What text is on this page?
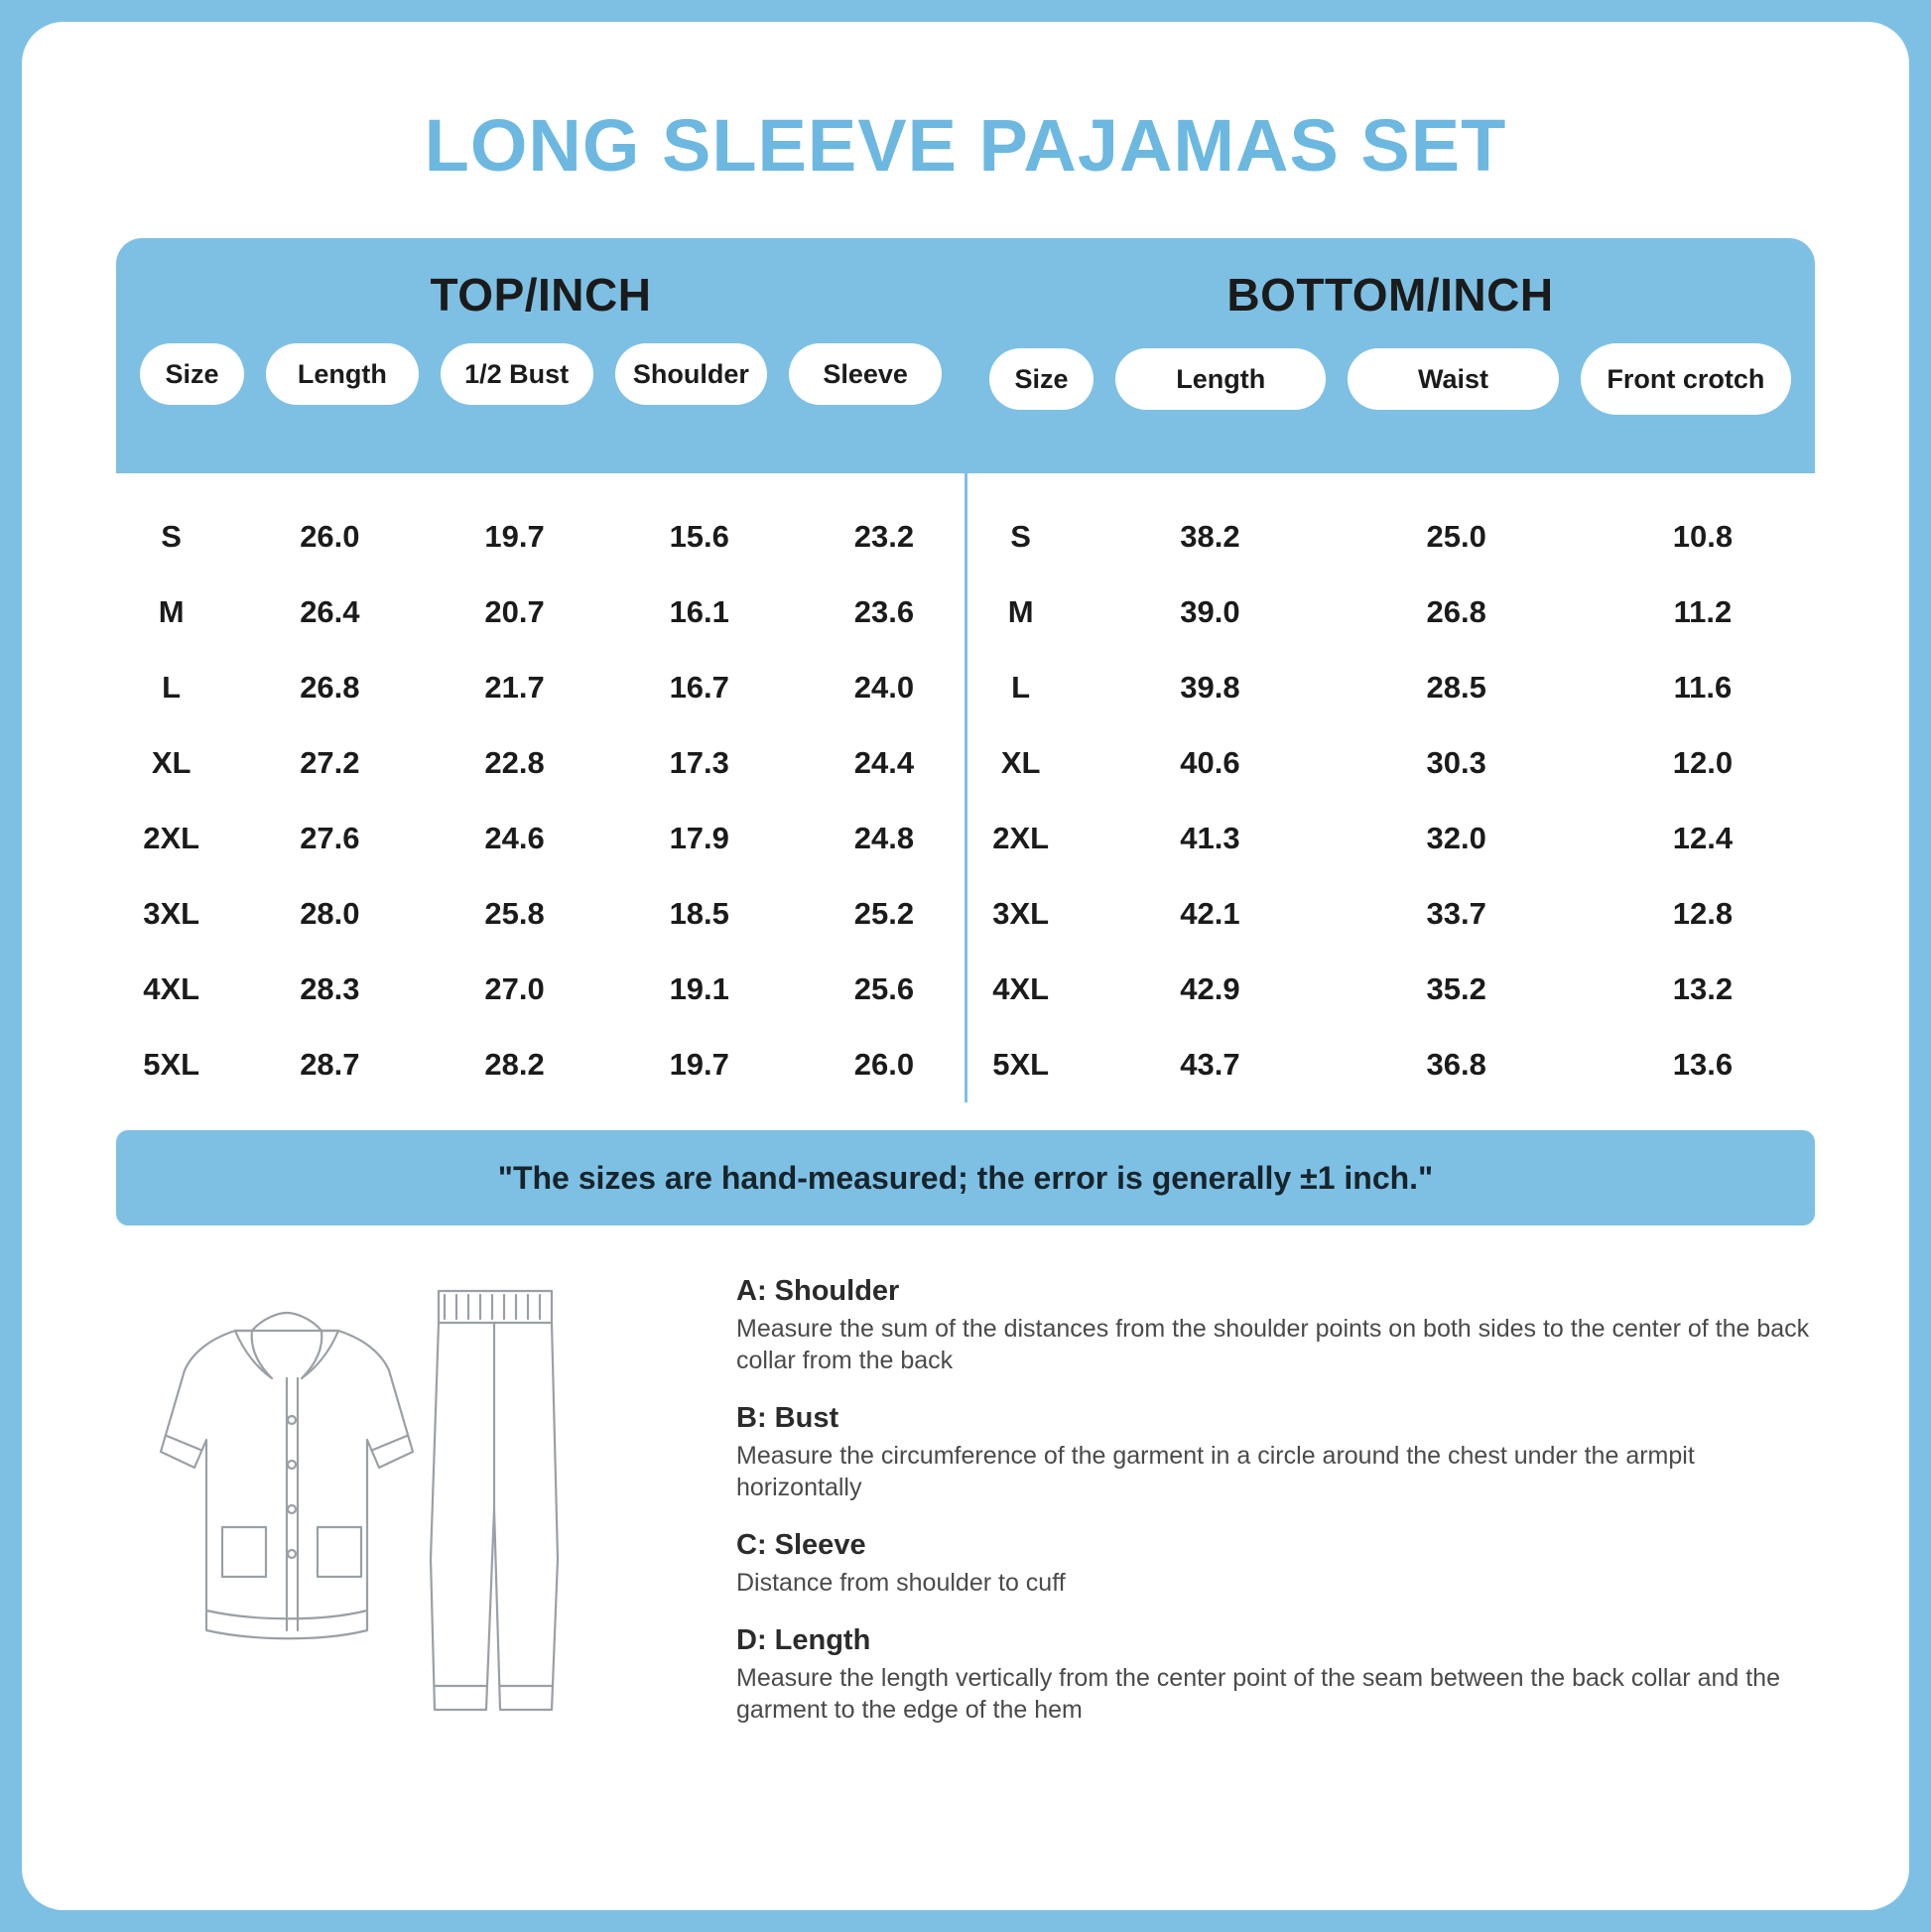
LONG SLEEVE PAJAMAS SET
TOP/INCH
Size	Length	1/2 Bust	Shoulder	Sleeve
S	26.0	19.7	15.6	23.2
M	26.4	20.7	16.1	23.6
L	26.8	21.7	16.7	24.0
XL	27.2	22.8	17.3	24.4
2XL	27.6	24.6	17.9	24.8
3XL	28.0	25.8	18.5	25.2
4XL	28.3	27.0	19.1	25.6
5XL	28.7	28.2	19.7	26.0
BOTTOM/INCH
Size	Length	Waist	Front crotch
S	38.2	25.0	10.8
M	39.0	26.8	11.2
L	39.8	28.5	11.6
XL	40.6	30.3	12.0
2XL	41.3	32.0	12.4
3XL	42.1	33.7	12.8
4XL	42.9	35.2	13.2
5XL	43.7	36.8	13.6
"The sizes are hand-measured; the error is generally ±1 inch."
A: Shoulder
Measure the sum of the distances from the shoulder points on both sides to the center of the back collar from the back
B: Bust
Measure the circumference of the garment in a circle around the chest under the armpit horizontally
C: Sleeve
Distance from shoulder to cuff
D: Length
Measure the length vertically from the center point of the seam between the back collar and the garment to the edge of the hem
